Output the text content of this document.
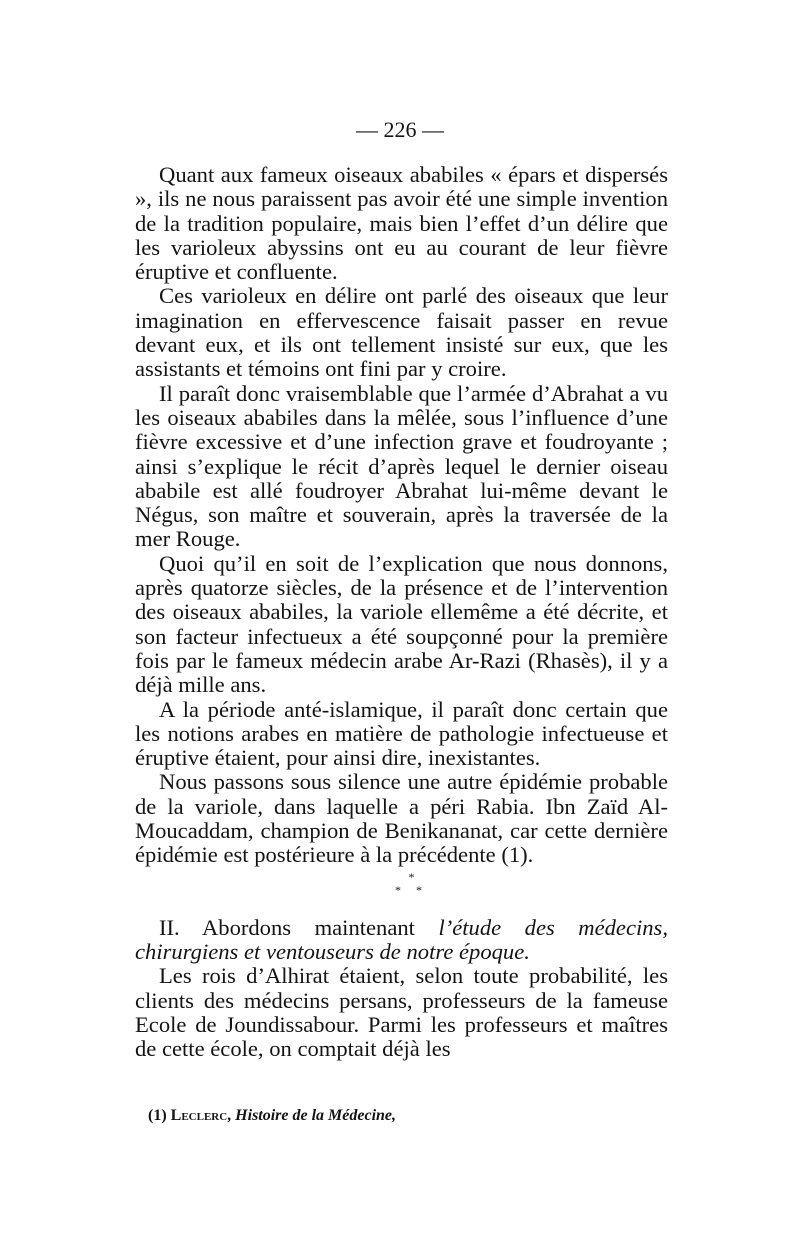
— 226 —

Quant aux fameux oiseaux ababiles « épars et dispersés », ils ne nous paraissent pas avoir été une simple invention de la tradition populaire, mais bien l’effet d’un délire que les varioleux abyssins ont eu au courant de leur fièvre éruptive et confluente.

Ces varioleux en délire ont parlé des oiseaux que leur imagination en effervescence faisait passer en revue devant eux, et ils ont tellement insisté sur eux, que les assistants et témoins ont fini par y croire.

Il paraît donc vraisemblable que l’armée d’Abrahat a vu les oiseaux ababiles dans la mêlée, sous l’influence d’une fièvre excessive et d’une infection grave et foudroyante ; ainsi s’explique le récit d’après lequel le dernier oiseau ababile est allé foudroyer Abrahat lui-même devant le Négus, son maître et souverain, après la traversée de la mer Rouge.

Quoi qu’il en soit de l’explication que nous donnons, après quatorze siècles, de la présence et de l’intervention des oiseaux ababiles, la variole ellemême a été décrite, et son facteur infectueux a été soupçonné pour la première fois par le fameux médecin arabe Ar-Razi (Rhasès), il y a déjà mille ans.

A la période anté-islamique, il paraît donc certain que les notions arabes en matière de pathologie infectueuse et éruptive étaient, pour ainsi dire, inexistantes.

Nous passons sous silence une autre épidémie probable de la variole, dans laquelle a péri Rabia. Ibn Zaïd Al-Moucaddam, champion de Benikananat, car cette dernière épidémie est postérieure à la précédente (1).

*
* *

II. Abordons maintenant l’étude des médecins, chirurgiens et ventouseurs de notre époque.

Les rois d’Alhirat étaient, selon toute probabilité, les clients des médecins persans, professeurs de la fameuse Ecole de Joundissabour. Parmi les professeurs et maîtres de cette école, on comptait déjà les

(1) Leclerc, Histoire de la Médecine,
